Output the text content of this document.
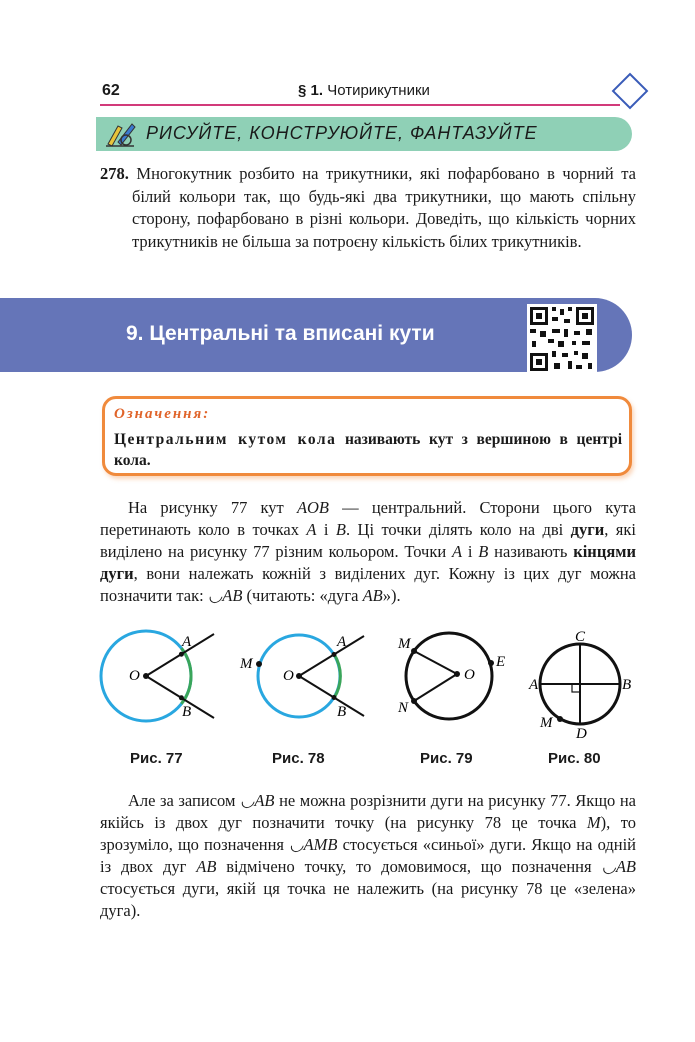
62	§ 1. Чотирикутники
РИСУЙТЕ, КОНСТРУЮЙТЕ, ФАНТАЗУЙТЕ
278. Многокутник розбито на трикутники, які пофарбовано в чорний та білий кольори так, що будь-які два трикутники, що мають спільну сторону, пофарбовано в різні кольори. Доведіть, що кількість чорних трикутників не більша за потроєну кількість білих трикутників.
9. Центральні та вписані кути
Означення:
Центральним кутом кола називають кут з вершиною в центрі кола.

На рисунку 77 кут AOB — центральний. Сторони цього кута перетинають коло в точках A і B. Ці точки ділять коло на дві дуги, які виділено на рисунку 77 різним кольором. Точки A і B називають кінцями дуги, вони належать кожній з виділених дуг. Кожну із цих дуг можна позначити так: ◡AB (читають: «дуга AB»).

O
A
B
Рис. 77
O
A
B
M
Рис. 78
M
N
O
E
Рис. 79
C
A	B
D
M
Рис. 80

Але за записом ◡AB не можна розрізнити дуги на рисунку 77. Якщо на якійсь із двох дуг позначити точку (на рисунку 78 це точка M), то зрозуміло, що позначення ◡AMB стосується «синьої» дуги. Якщо на одній із двох дуг AB відмічено точку, то домовимося, що позначення ◡AB стосується дуги, якій ця точка не належить (на рисунку 78 це «зелена» дуга).
